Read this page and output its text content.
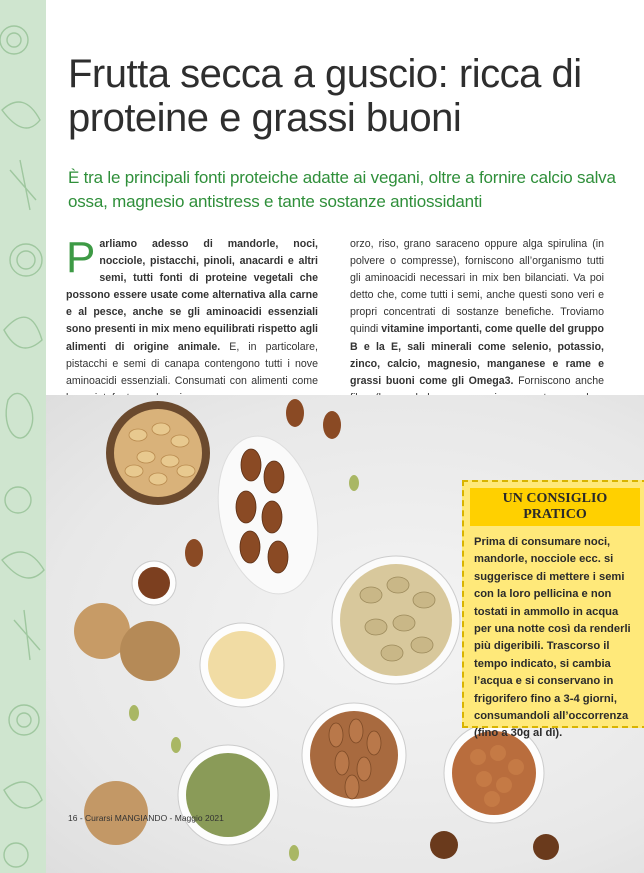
Frutta secca a guscio: ricca di proteine e grassi buoni

È tra le principali fonti proteiche adatte ai vegani, oltre a fornire calcio salva ossa, magnesio antistress e tante sostanze antiossidanti

Parliamo adesso di mandorle, noci, nocciole, pistacchi, pinoli, anacardi e altri semi, tutti fonti di proteine vegetali che possono essere usate come alternativa alla carne e al pesce, anche se gli aminoacidi essenziali sono presenti in mix meno equilibrati rispetto agli alimenti di origine animale. E, in particolare, pistacchi e semi di canapa contengono tutti i nove aminoacidi essenziali. Consumati con alimenti come

orzo, riso, grano saraceno oppure alga spirulina (in polvere o compresse), forniscono all’organismo tutti gli aminoacidi necessari in mix ben bilanciati. Va poi detto che, come tutti i semi, anche questi sono veri e propri concentrati di sostanze benefiche. Troviamo quindi vitamine importanti, come quelle del gruppo B e la E, sali minerali come selenio, potassio, zinco, calcio, magnesio, manganese e rame e grassi buoni come gli Omega3. Forniscono anche

UN CONSIGLIO PRATICO

Prima di consumare noci, mandorle, nocciole ecc. si suggerisce di mettere i semi con la loro pellicina e non tostati in ammollo in acqua per una notte così da renderli più digeribili. Trascorso il tempo indicato, si cambia l’acqua e si conservano in frigorifero fino a 3-4 giorni, consumandoli all’occorrenza (fino a 30g al dì).

16 - Curarsi MANGIANDO - Maggio 2021
